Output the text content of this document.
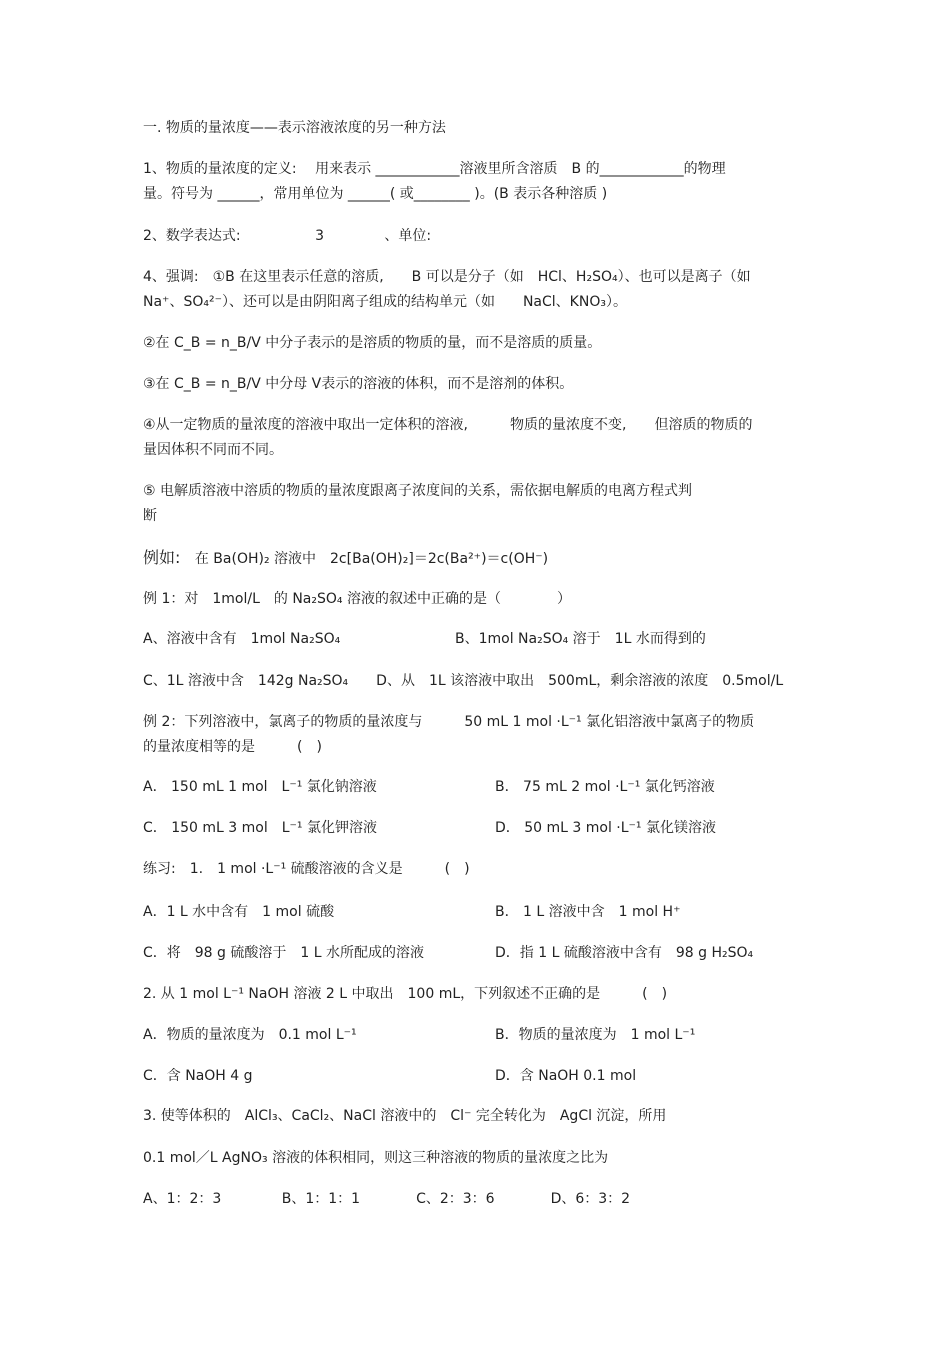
一. 物质的量浓度——表示溶液浓度的另一种方法
1、物质的量浓度的定义:　 用来表示 ____________溶液里所含溶质　B 的____________的物理
量。符号为 ______，常用单位为 ______( 或________ )。(B 表示各种溶质 )
2、数学表达式:　　　　　 3　　　　 、单位:
4、强调:　①B 在这里表示任意的溶质,　　B 可以是分子（如　HCl、H₂SO₄）、也可以是离子（如
Na⁺、SO₄²⁻）、还可以是由阴阳离子组成的结构单元（如　　NaCl、KNO₃）。
②在 C_B = n_B/V 中分子表示的是溶质的物质的量，而不是溶质的质量。
③在 C_B = n_B/V 中分母 V表示的溶液的体积，而不是溶剂的体积。
④从一定物质的量浓度的溶液中取出一定体积的溶液,　　　物质的量浓度不变,　　但溶质的物质的
量因体积不同而不同。
⑤ 电解质溶液中溶质的物质的量浓度跟离子浓度间的关系，需依据电解质的电离方程式判
断
例如: 在 Ba(OH)₂ 溶液中　2c[Ba(OH)₂]＝2c(Ba²⁺)＝c(OH⁻)
例 1：对　1mol/L　的 Na₂SO₄ 溶液的叙述中正确的是（　　　　）
A、溶液中含有　1mol Na₂SO₄	B、1mol Na₂SO₄ 溶于　1L 水而得到的
C、1L 溶液中含　142g Na₂SO₄　　D、从　1L 该溶液中取出　500mL，剩余溶液的浓度　0.5mol/L
例 2：下列溶液中，氯离子的物质的量浓度与　　　50 mL 1 mol ·L⁻¹ 氯化铝溶液中氯离子的物质
的量浓度相等的是　　　(　)
A． 150 mL 1 mol　L⁻¹ 氯化钠溶液	B． 75 mL 2 mol ·L⁻¹ 氯化钙溶液
C． 150 mL 3 mol　L⁻¹ 氯化钾溶液	D． 50 mL 3 mol ·L⁻¹ 氯化镁溶液
练习:　1.　1 mol ·L⁻¹ 硫酸溶液的含义是　　　(　)
A．1 L 水中含有　1 mol 硫酸	B． 1 L 溶液中含　1 mol H⁺
C．将　98 g 硫酸溶于　1 L 水所配成的溶液	D．指 1 L 硫酸溶液中含有　98 g H₂SO₄
2. 从 1 mol L⁻¹ NaOH 溶液 2 L 中取出　100 mL，下列叙述不正确的是　　　(　)
A．物质的量浓度为　0.1 mol L⁻¹	B．物质的量浓度为　1 mol L⁻¹
C．含 NaOH 4 g	D．含 NaOH 0.1 mol
3. 使等体积的　AlCl₃、CaCl₂、NaCl 溶液中的　Cl⁻ 完全转化为　AgCl 沉淀，所用
0.1 mol／L AgNO₃ 溶液的体积相同，则这三种溶液的物质的量浓度之比为
A、1：2：3　　　　 B、1：1：1　　　　C、2：3：6　　　　D、6：3：2
